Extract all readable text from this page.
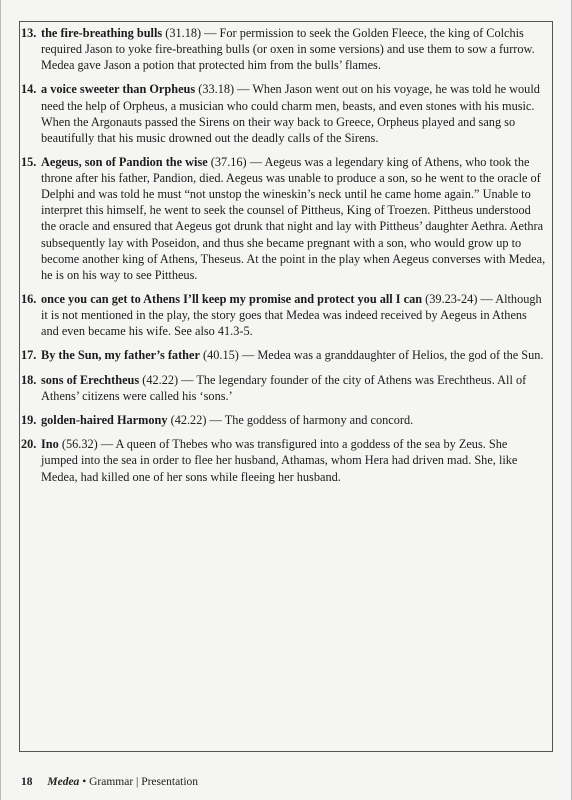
13. the fire-breathing bulls (31.18) — For permission to seek the Golden Fleece, the king of Colchis required Jason to yoke fire-breathing bulls (or oxen in some versions) and use them to sow a furrow. Medea gave Jason a potion that protected him from the bulls’ flames.
14. a voice sweeter than Orpheus (33.18) — When Jason went out on his voyage, he was told he would need the help of Orpheus, a musician who could charm men, beasts, and even stones with his music. When the Argonauts passed the Sirens on their way back to Greece, Orpheus played and sang so beautifully that his music drowned out the deadly calls of the Sirens.
15. Aegeus, son of Pandion the wise (37.16) — Aegeus was a legendary king of Athens, who took the throne after his father, Pandion, died. Aegeus was unable to produce a son, so he went to the oracle of Delphi and was told he must “not unstop the wineskin’s neck until he came home again.” Unable to interpret this himself, he went to seek the counsel of Pittheus, King of Troezen. Pittheus understood the oracle and ensured that Aegeus got drunk that night and lay with Pittheus’ daughter Aethra. Aethra subsequently lay with Poseidon, and thus she became pregnant with a son, who would grow up to become another king of Athens, Theseus. At the point in the play when Aegeus converses with Medea, he is on his way to see Pittheus.
16. once you can get to Athens I’ll keep my promise and protect you all I can (39.23-24) — Although it is not mentioned in the play, the story goes that Medea was indeed received by Aegeus in Athens and even became his wife. See also 41.3-5.
17. By the Sun, my father’s father (40.15) — Medea was a granddaughter of Helios, the god of the Sun.
18. sons of Erechtheus (42.22) — The legendary founder of the city of Athens was Erechtheus. All of Athens’ citizens were called his ‘sons.’
19. golden-haired Harmony (42.22) — The goddess of harmony and concord.
20. Ino (56.32) — A queen of Thebes who was transfigured into a goddess of the sea by Zeus. She jumped into the sea in order to flee her husband, Athamas, whom Hera had driven mad. She, like Medea, had killed one of her sons while fleeing her husband.
18 Medea • Grammar | Presentation
